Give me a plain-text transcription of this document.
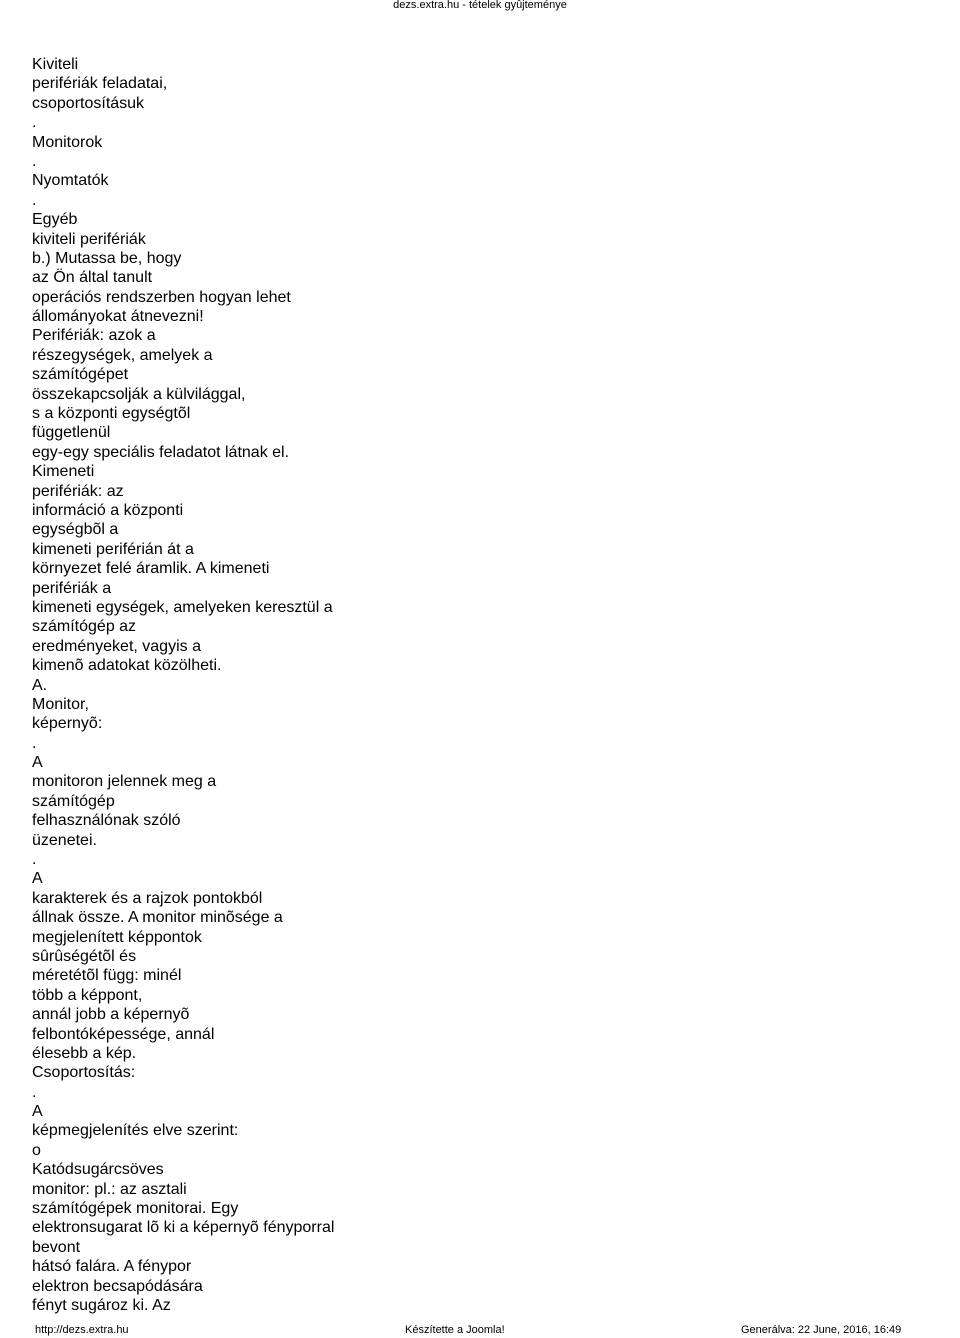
dezs.extra.hu - tételek gyûjteménye
Kiviteli
perifériák feladatai,
csoportosításuk
.
Monitorok
.
Nyomtatók
.
Egyéb
kiviteli perifériák
b.) Mutassa be, hogy
az Ön által tanult
operációs rendszerben hogyan lehet
állományokat átnevezni!
Perifériák: azok a
részegységek, amelyek a
számítógépet
összekapcsolják a külvilággal,
s a központi egységtõl
függetlenül
egy-egy speciális feladatot látnak el.
Kimeneti
perifériák: az
információ a központi
egységbõl a
kimeneti periférián át a
környezet felé áramlik. A kimeneti
perifériák a
kimeneti egységek, amelyeken keresztül a
számítógép az
eredményeket, vagyis a
kimenõ adatokat közölheti.
A.
Monitor,
képernyõ:
.
A
monitoron jelennek meg a
számítógép
felhasználónak szóló
üzenetei.
.
A
karakterek és a rajzok pontokból
állnak össze. A monitor minõsége a
megjelenített képpontok
sûrûségétõl és
méretétõl függ: minél
több a képpont,
annál jobb a képernyõ
felbontóképessége, annál
élesebb a kép.
Csoportosítás:
.
A
képmegjelenítés elve szerint:
o
Katódsugárcsöves
monitor: pl.: az asztali
számítógépek monitorai. Egy
elektronsugarat lõ ki a képernyõ fényporral
bevont
hátsó falára. A fénypor
elektron becsapódására
fényt sugároz ki. Az
http://dezs.extra.hu	Készítette a Joomla!	Generálva: 22 June, 2016, 16:49
